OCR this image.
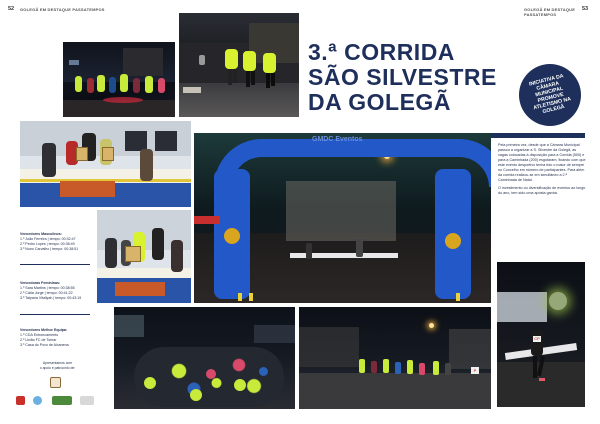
52 GOLEGÃ EM DESTAQUE PASSATEMPOS	GOLEGÃ EM DESTAQUE PASSATEMPOS
53
3.ª CORRIDA
SÃO SILVESTRE
DA GOLEGÃ
INICIATIVA DA CÂMARA MUNICIPAL PROMOVE ATLETISMO NA GOLEGÃ
Vencedores Masculinos:
1.º João Ferreira | tempo: 00:32:47
2.º Pedro Lopes | tempo: 00:38:49
3.º Nuno Carvalho | tempo: 00:38:51
Vencedoras Femininas:
1.º Sara Martins | tempo: 00:38:55
2.º Cátia Jorge | tempo: 00:41:22
3.º Tatyana Vitaliyah | tempo: 00:43:19
Vencedores Melhor Equipa:
1.º CDA Entroncamento
2.º União FC de Tomar
3.º Casa do Povo de Alcanena
Apresentamos com
o apoio e patrocínio de:
GMDC Eventos

Pela primeira vez, desde que a Câmara Municipal passou a organizar a S. Silvestre da Golegã, as vagas colocadas à disposição para a Corrida (500) e para a Caminhada (200) esgotaram, ficando com que este evento desportivo tenha tido o maior de sempre no Concelho em número de participantes. Para além da corrida realizou-se em simultâneo a 2.ª Caminhada de Natal.

O investimento ou diversificação de eventos ao longo do ano, tem sido uma aposta ganha.

CP
P
